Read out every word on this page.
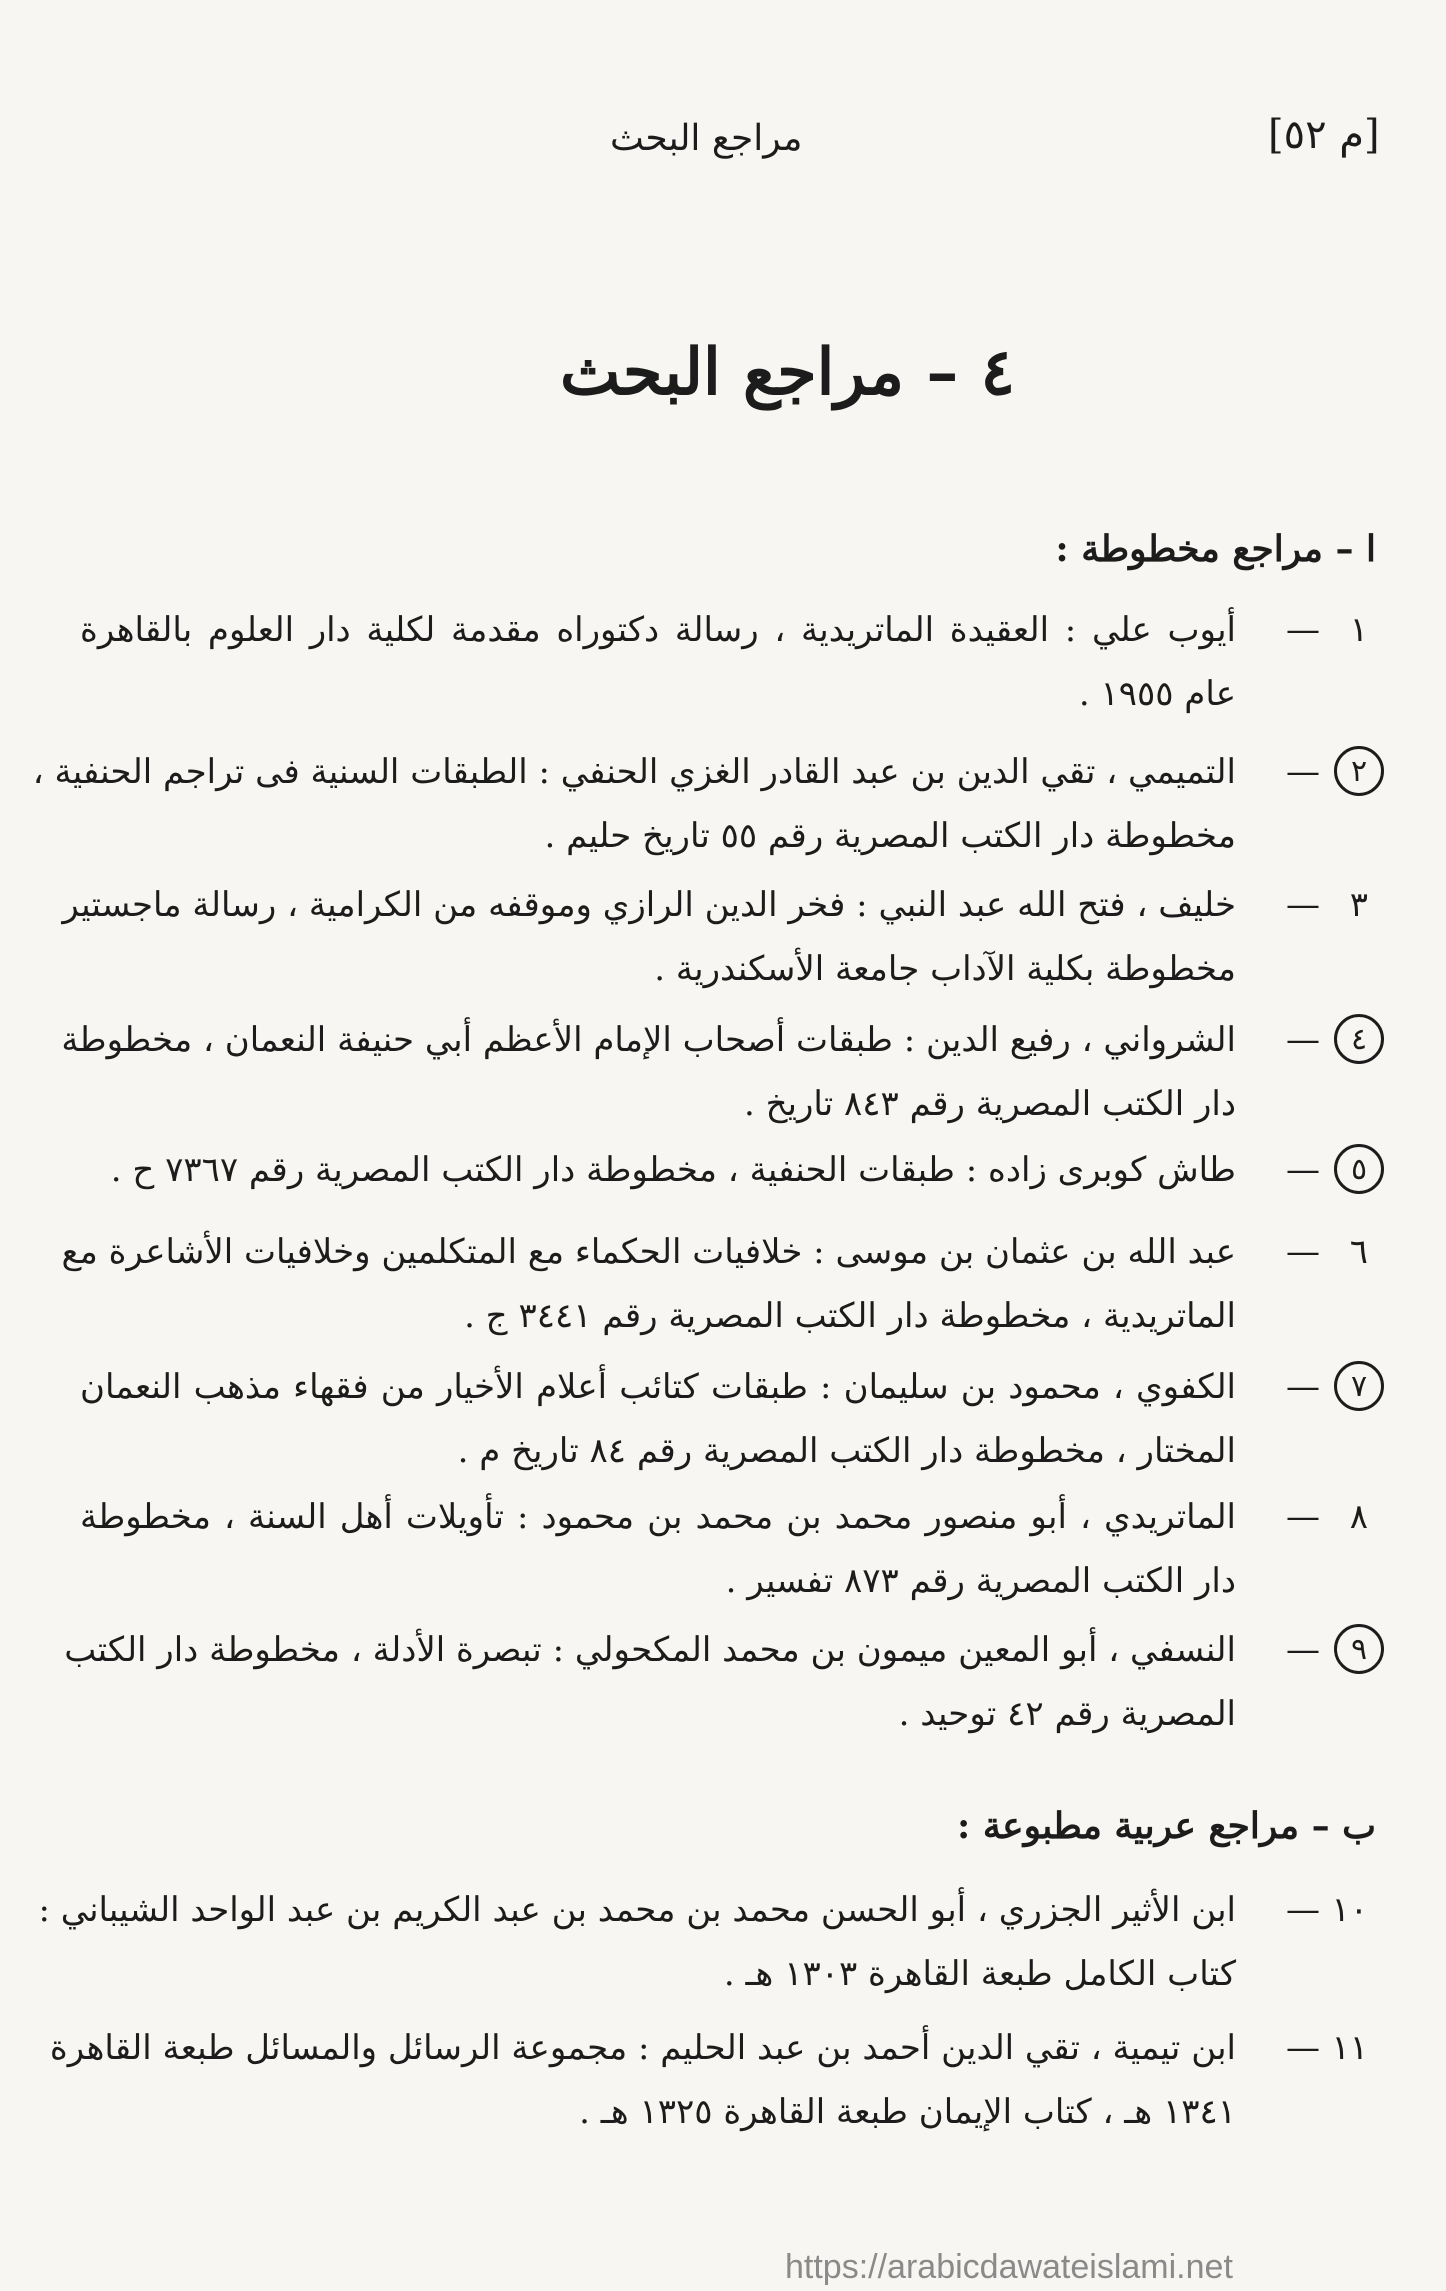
[م ٥٢]
مراجع البحث
٤ – مراجع البحث
ا – مراجع مخطوطة :
ب – مراجع عربية مطبوعة :
١
—
أيوب علي : العقيدة الماتريدية ، رسالة دكتوراه مقدمة لكلية دار العلوم بالقاهرة
عام ١٩٥٥ .
٢
—
التميمي ، تقي الدين بن عبد القادر الغزي الحنفي : الطبقات السنية فى تراجم الحنفية ،
مخطوطة دار الكتب المصرية رقم ٥٥ تاريخ حليم .
٣
—
خليف ، فتح الله عبد النبي : فخر الدين الرازي وموقفه من الكرامية ، رسالة ماجستير
مخطوطة بكلية الآداب جامعة الأسكندرية .
٤
—
الشرواني ، رفيع الدين : طبقات أصحاب الإمام الأعظم أبي حنيفة النعمان ، مخطوطة
دار الكتب المصرية رقم ٨٤٣ تاريخ .
٥
—
طاش كوبرى زاده : طبقات الحنفية ، مخطوطة دار الكتب المصرية رقم ٧٣٦٧ ح .
٦
—
عبد الله بن عثمان بن موسى : خلافيات الحكماء مع المتكلمين وخلافيات الأشاعرة مع
الماتريدية ، مخطوطة دار الكتب المصرية رقم ٣٤٤١ ج .
٧
—
الكفوي ، محمود بن سليمان : طبقات كتائب أعلام الأخيار من فقهاء مذهب النعمان
المختار ، مخطوطة دار الكتب المصرية رقم ٨٤ تاريخ م .
٨
—
الماتريدي ، أبو منصور محمد بن محمد بن محمود : تأويلات أهل السنة ، مخطوطة
دار الكتب المصرية رقم ٨٧٣ تفسير .
٩
—
النسفي ، أبو المعين ميمون بن محمد المكحولي : تبصرة الأدلة ، مخطوطة دار الكتب
المصرية رقم ٤٢ توحيد .
١٠
—
ابن الأثير الجزري ، أبو الحسن محمد بن محمد بن عبد الكريم بن عبد الواحد الشيباني :
كتاب الكامل طبعة القاهرة ١٣٠٣ هـ .
١١
—
ابن تيمية ، تقي الدين أحمد بن عبد الحليم : مجموعة الرسائل والمسائل طبعة القاهرة
١٣٤١ هـ ، كتاب الإيمان طبعة القاهرة ١٣٢٥ هـ .
https://arabicdawateislami.net
